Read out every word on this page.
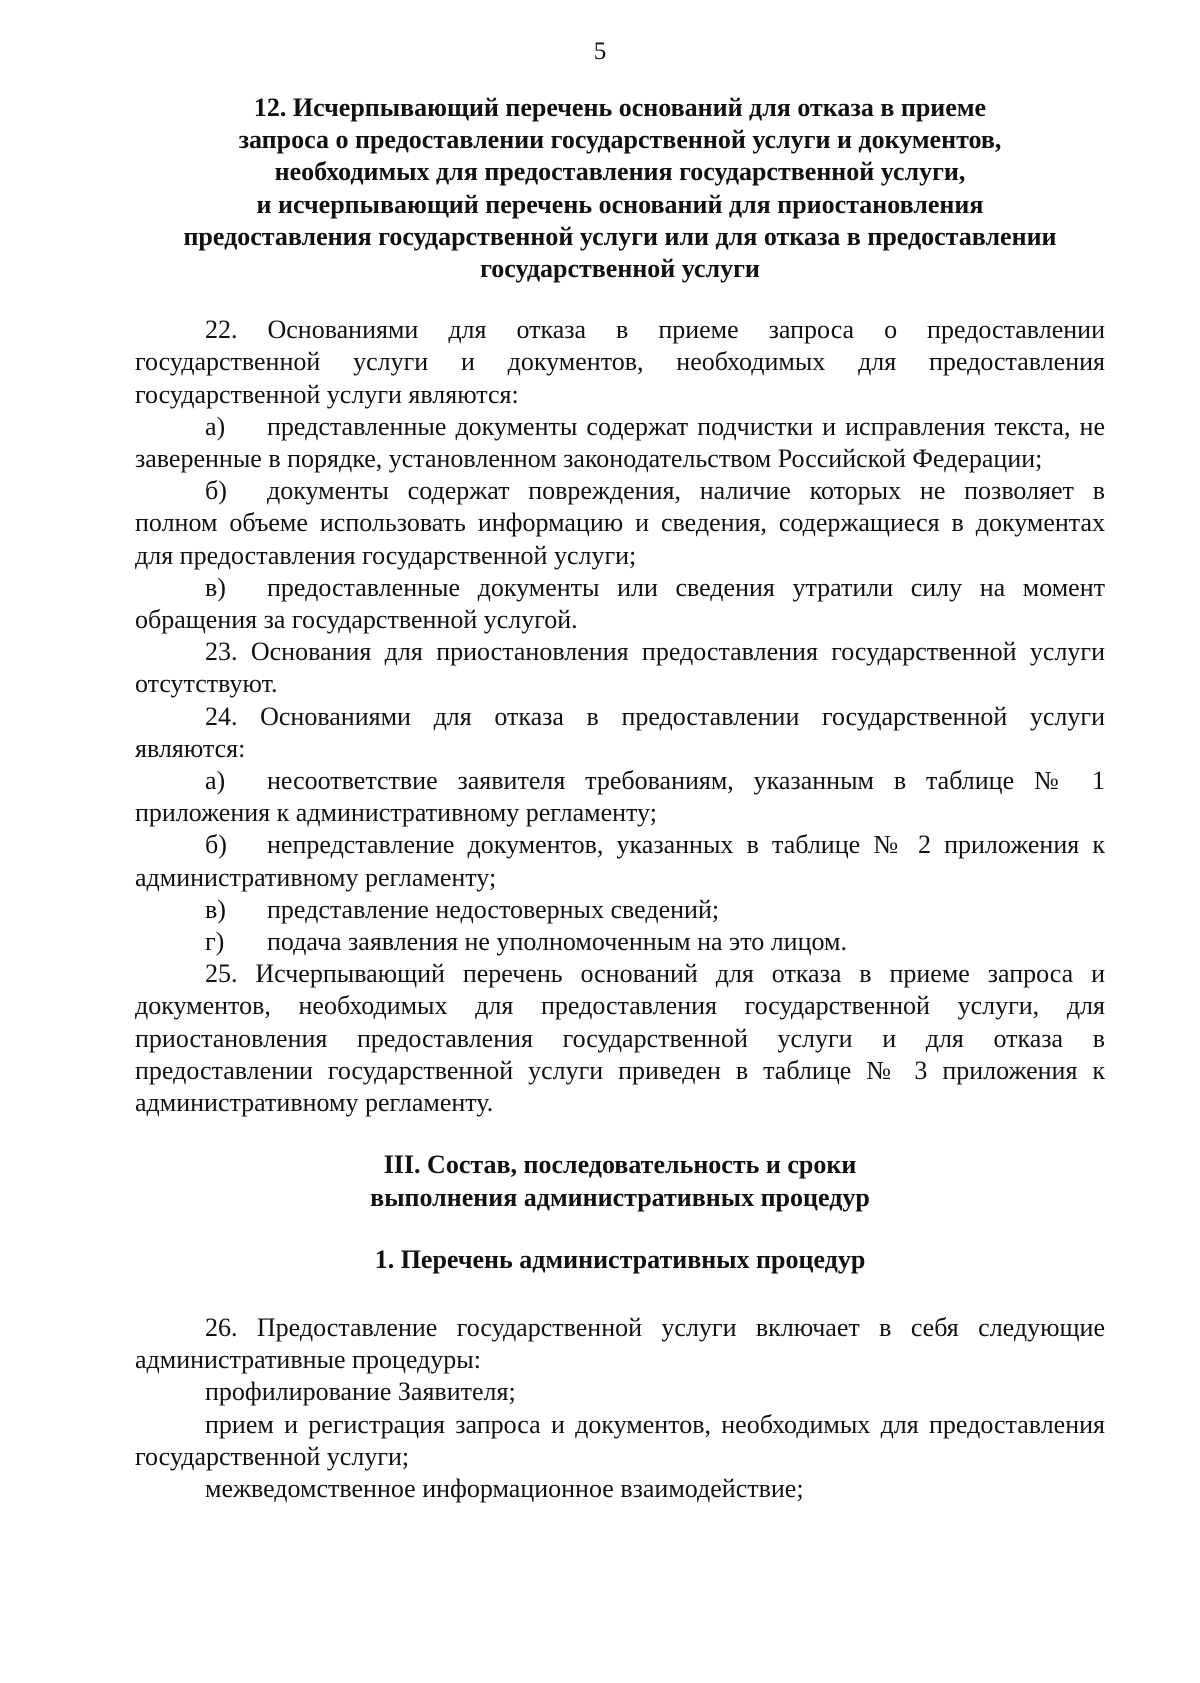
5
12. Исчерпывающий перечень оснований для отказа в приеме
запроса о предоставлении государственной услуги и документов,
необходимых для предоставления государственной услуги,
и исчерпывающий перечень оснований для приостановления
предоставления государственной услуги или для отказа в предоставлении
государственной услуги

22. Основаниями для отказа в приеме запроса о предоставлении государственной услуги и документов, необходимых для предоставления государственной услуги являются:

а) представленные документы содержат подчистки и исправления текста, не заверенные в порядке, установленном законодательством Российской Федерации;
б) документы содержат повреждения, наличие которых не позволяет в полном объеме использовать информацию и сведения, содержащиеся в документах для предоставления государственной услуги;
в) предоставленные документы или сведения утратили силу на момент обращения за государственной услугой.

23. Основания для приостановления предоставления государственной услуги отсутствуют.

24. Основаниями для отказа в предоставлении государственной услуги являются:

а) несоответствие заявителя требованиям, указанным в таблице № 1 приложения к административному регламенту;
б) непредставление документов, указанных в таблице № 2 приложения к административному регламенту;
в) представление недостоверных сведений;
г) подача заявления не уполномоченным на это лицом.

25. Исчерпывающий перечень оснований для отказа в приеме запроса и документов, необходимых для предоставления государственной услуги, для приостановления предоставления государственной услуги и для отказа в предоставлении государственной услуги приведен в таблице № 3 приложения к административному регламенту.

III. Состав, последовательность и сроки
выполнения административных процедур
1. Перечень административных процедур

26. Предоставление государственной услуги включает в себя следующие административные процедуры:

профилирование Заявителя;

прием и регистрация запроса и документов, необходимых для предоставления государственной услуги;

межведомственное информационное взаимодействие;
